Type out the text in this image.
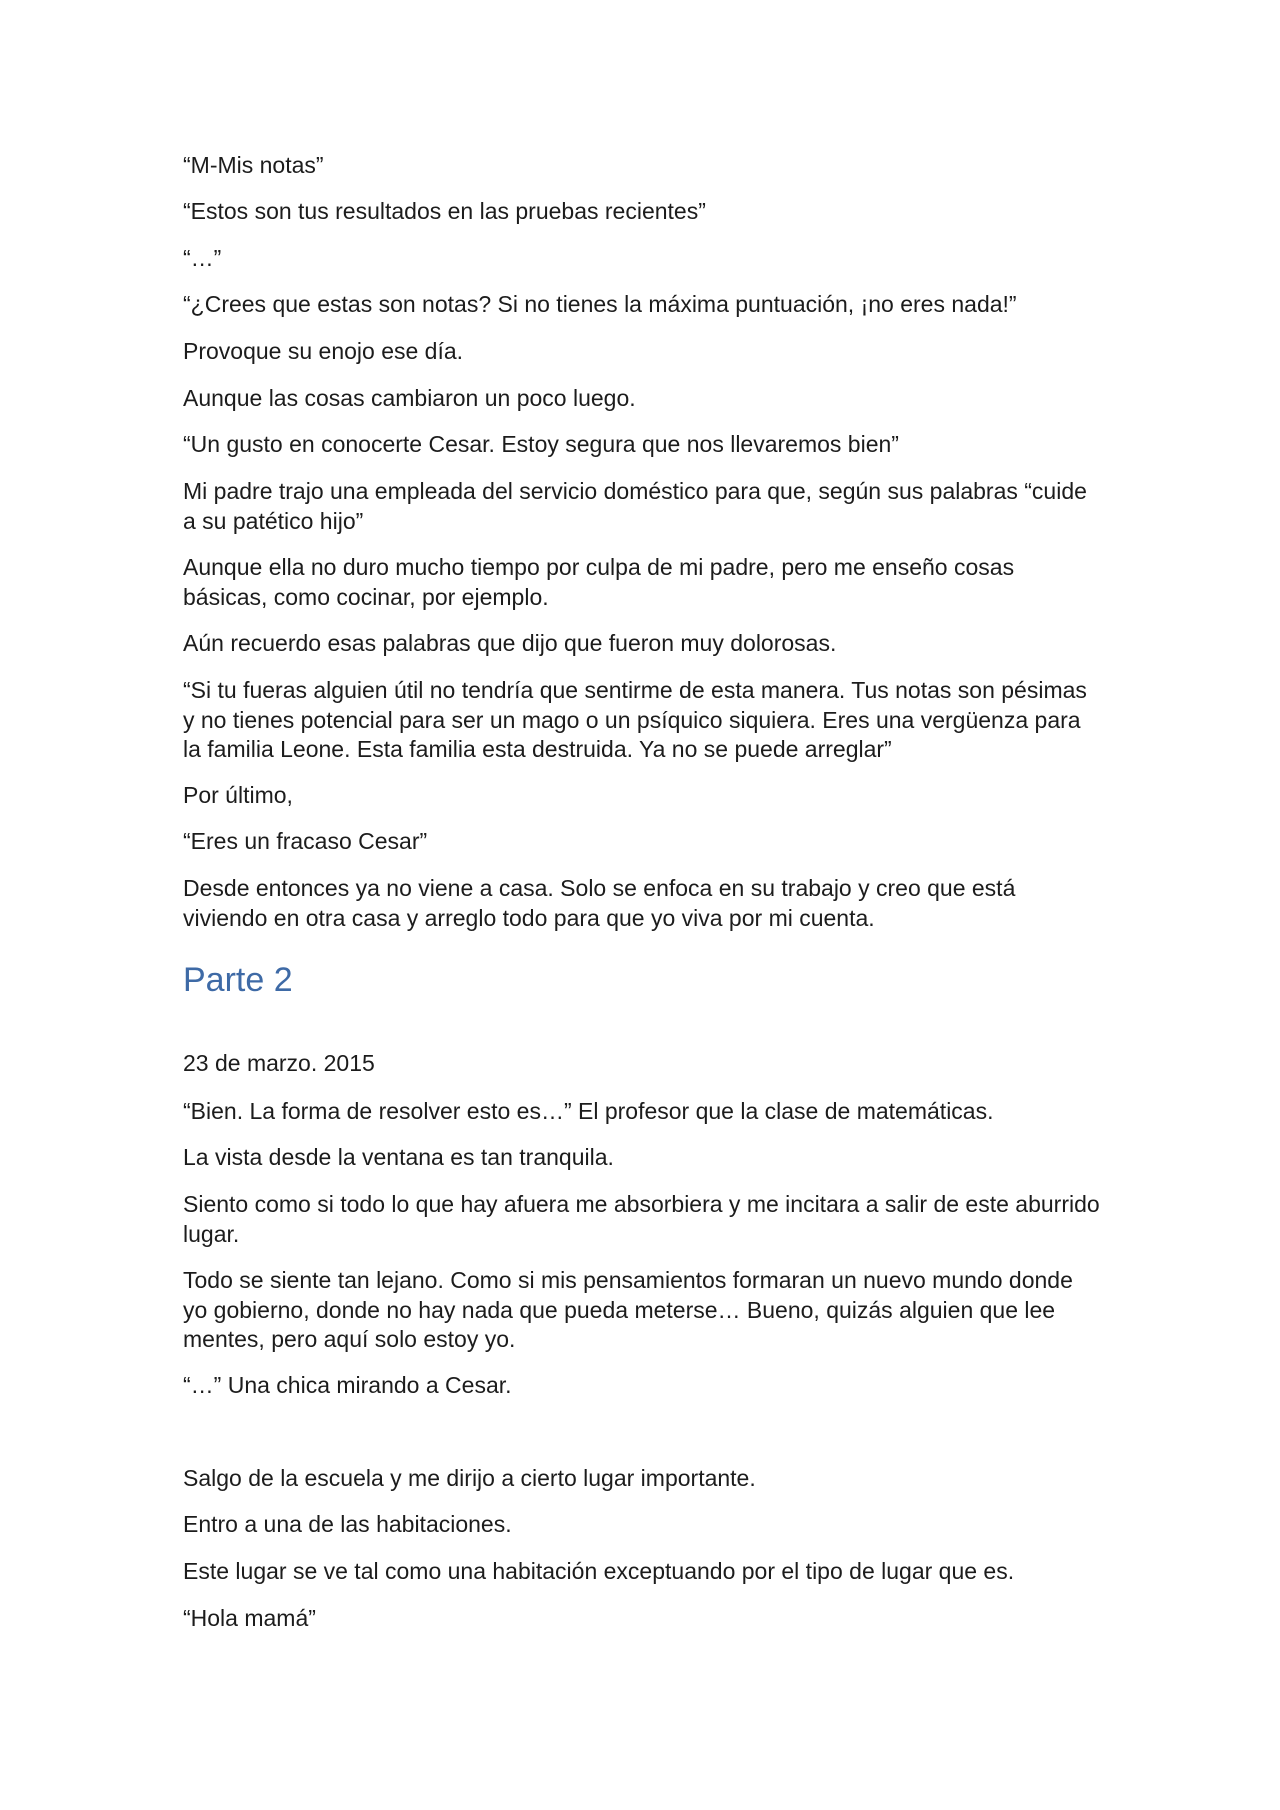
“M-Mis notas”

“Estos son tus resultados en las pruebas recientes”

“…”

“¿Crees que estas son notas? Si no tienes la máxima puntuación, ¡no eres nada!”

Provoque su enojo ese día.

Aunque las cosas cambiaron un poco luego.

“Un gusto en conocerte Cesar. Estoy segura que nos llevaremos bien”

Mi padre trajo una empleada del servicio doméstico para que, según sus palabras “cuide a su patético hijo”

Aunque ella no duro mucho tiempo por culpa de mi padre, pero me enseño cosas básicas, como cocinar, por ejemplo.

Aún recuerdo esas palabras que dijo que fueron muy dolorosas.

“Si tu fueras alguien útil no tendría que sentirme de esta manera. Tus notas son pésimas y no tienes potencial para ser un mago o un psíquico siquiera. Eres una vergüenza para la familia Leone. Esta familia esta destruida. Ya no se puede arreglar”

Por último,

“Eres un fracaso Cesar”

Desde entonces ya no viene a casa. Solo se enfoca en su trabajo y creo que está viviendo en otra casa y arreglo todo para que yo viva por mi cuenta.

Parte 2

23 de marzo. 2015

“Bien. La forma de resolver esto es…” El profesor que la clase de matemáticas.

La vista desde la ventana es tan tranquila.

Siento como si todo lo que hay afuera me absorbiera y me incitara a salir de este aburrido lugar.

Todo se siente tan lejano. Como si mis pensamientos formaran un nuevo mundo donde yo gobierno, donde no hay nada que pueda meterse… Bueno, quizás alguien que lee mentes, pero aquí solo estoy yo.

“…” Una chica mirando a Cesar.

Salgo de la escuela y me dirijo a cierto lugar importante.

Entro a una de las habitaciones.

Este lugar se ve tal como una habitación exceptuando por el tipo de lugar que es.

“Hola mamá”
